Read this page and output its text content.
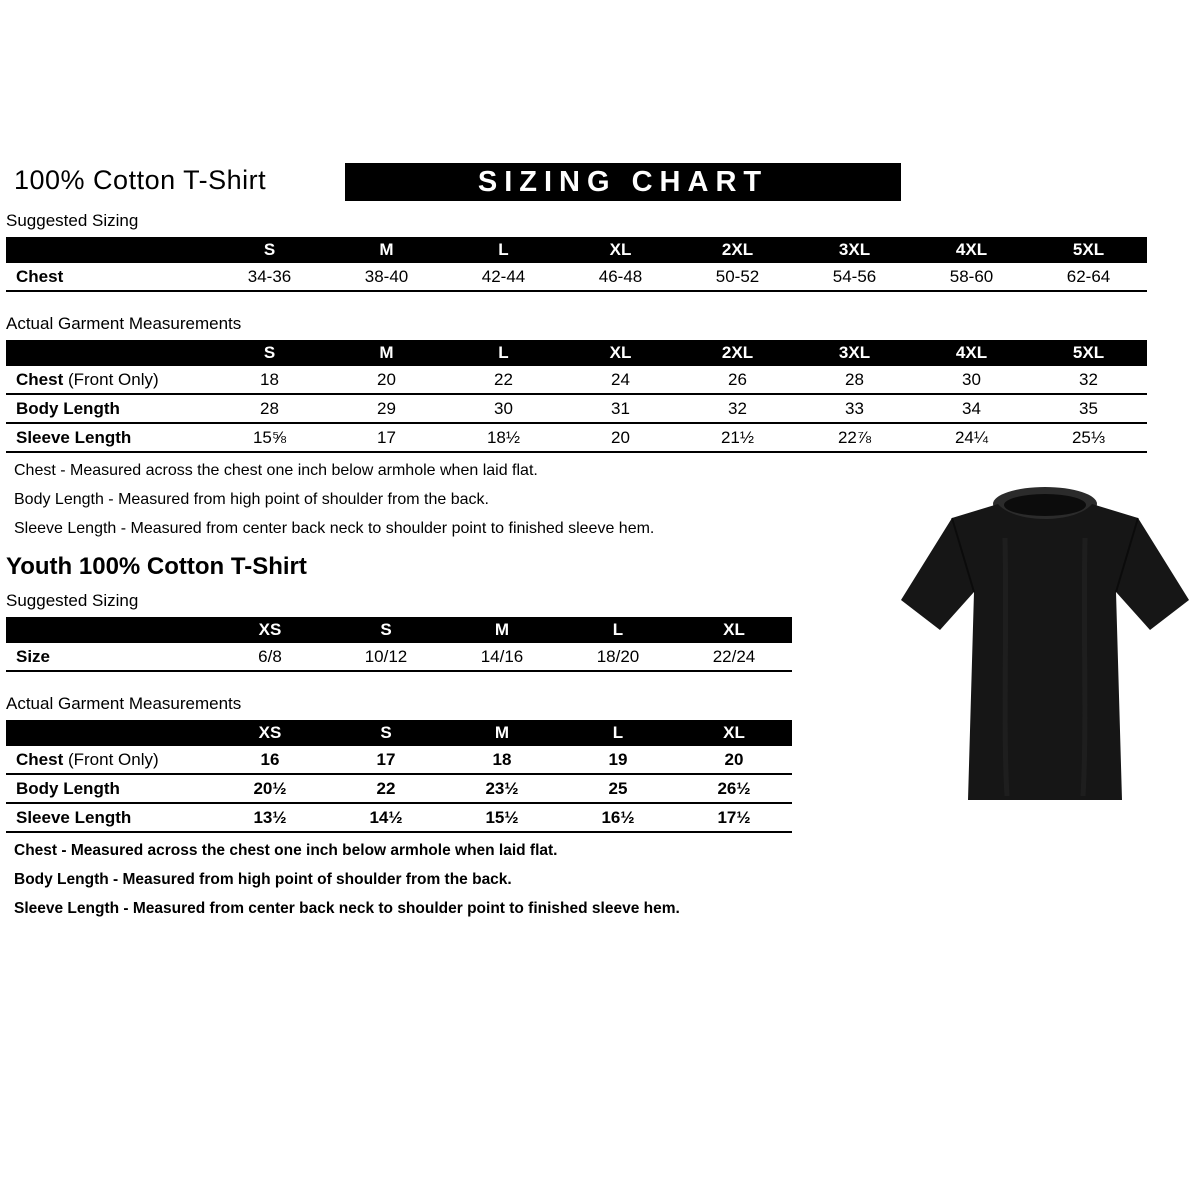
100% Cotton T-Shirt	SIZING CHART

Suggested Sizing

	S	M	L	XL	2XL	3XL	4XL	5XL
Chest	34-36	38-40	42-44	46-48	50-52	54-56	58-60	62-64

Actual Garment Measurements

	S	M	L	XL	2XL	3XL	4XL	5XL
Chest (Front Only)	18	20	22	24	26	28	30	32
Body Length	28	29	30	31	32	33	34	35
Sleeve Length	15⅝	17	18½	20	21½	22⅞	24¼	25⅓

Chest - Measured across the chest one inch below armhole when laid flat.

Body Length - Measured from high point of shoulder from the back.

Sleeve Length - Measured from center back neck to shoulder point to finished sleeve hem.

Youth 100% Cotton T-Shirt

Suggested Sizing

	XS	S	M	L	XL
Size	6/8	10/12	14/16	18/20	22/24

Actual Garment Measurements

	XS	S	M	L	XL
Chest (Front Only)	16	17	18	19	20
Body Length	20½	22	23½	25	26½
Sleeve Length	13½	14½	15½	16½	17½

Chest - Measured across the chest one inch below armhole when laid flat.

Body Length - Measured from high point of shoulder from the back.

Sleeve Length - Measured from center back neck to shoulder point to finished sleeve hem.
